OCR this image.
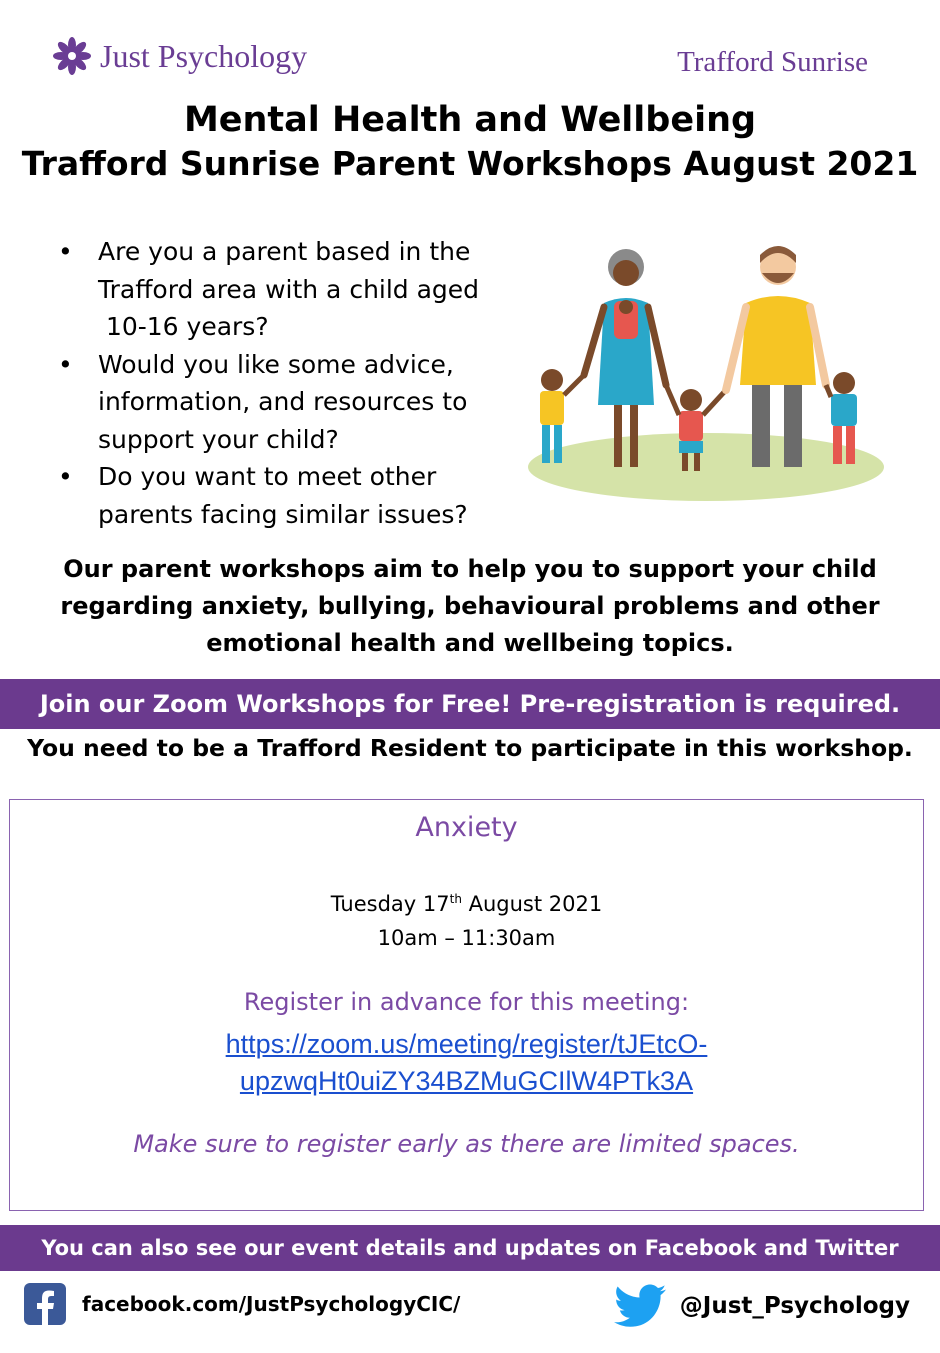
Just Psychology	Trafford Sunrise
Mental Health and Wellbeing
Trafford Sunrise Parent Workshops August 2021
• Are you a parent based in the
Trafford area with a child aged
10-16 years?
• Would you like some advice,
information, and resources to
support your child?
• Do you want to meet other
parents facing similar issues?
Our parent workshops aim to help you to support your child
regarding anxiety, bullying, behavioural problems and other
emotional health and wellbeing topics.
Join our Zoom Workshops for Free! Pre-registration is required.
You need to be a Trafford Resident to participate in this workshop.
Anxiety
Tuesday 17th August 2021
10am – 11:30am
Register in advance for this meeting:
https://zoom.us/meeting/register/tJEtcO-
upzwqHt0uiZY34BZMuGCIlW4PTk3A
Make sure to register early as there are limited spaces.
You can also see our event details and updates on Facebook and Twitter
facebook.com/JustPsychologyCIC/	@Just_Psychology
